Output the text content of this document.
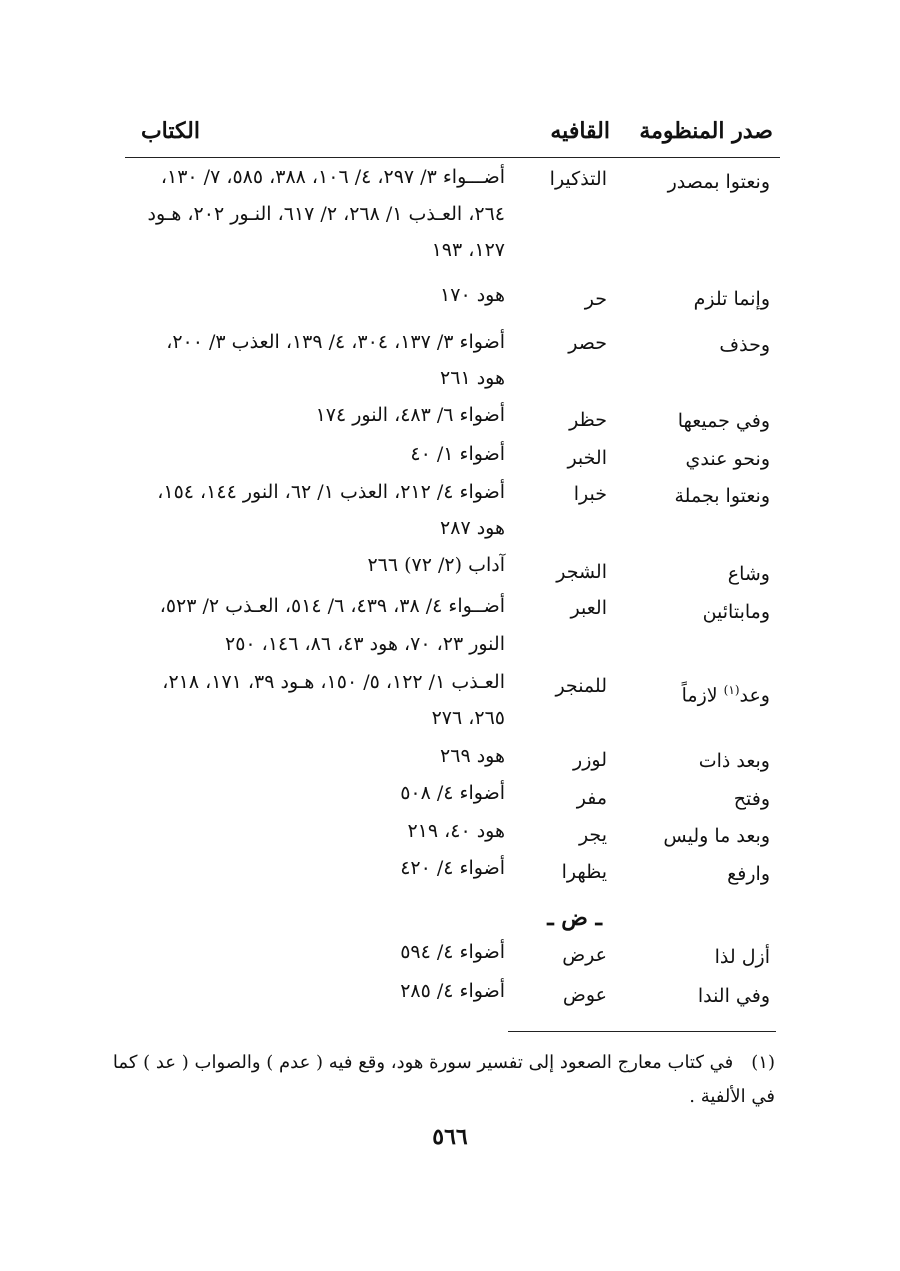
صدر المنظومة
القافيه
الكتاب
ونعتوا بمصدر
التذكيرا
أضـــواء ٣/ ٢٩٧، ٤/ ١٠٦، ٣٨٨، ٥٨٥، ٧/ ١٣٠،
٢٦٤، العـذب ١/ ٢٦٨، ٢/ ٦١٧، النـور ٢٠٢، هـود
١٢٧، ١٩٣
وإنما تلزم
حر
هود ١٧٠
وحذف
حصر
أضواء ٣/ ١٣٧، ٣٠٤، ٤/ ١٣٩، العذب ٣/ ٢٠٠،
هود ٢٦١
وفي جميعها
حظر
أضواء ٦/ ٤٨٣، النور ١٧٤
ونحو عندي
الخبر
أضواء ١/ ٤٠
ونعتوا بجملة
خبرا
أضواء ٤/ ٢١٢، العذب ١/ ٦٢، النور ١٤٤، ١٥٤،
هود ٢٨٧
وشاع
الشجر
آداب (٢/ ٧٢) ٢٦٦
ومابتائين
العبر
أضــواء ٤/ ٣٨، ٤٣٩، ٦/ ٥١٤، العـذب ٢/ ٥٢٣،
النور ٢٣، ٧٠، هود ٤٣، ٨٦، ١٤٦، ٢٥٠
وعد$^{(١)}$ لازماً
للمنجر
العـذب ١/ ١٢٢، ٥/ ١٥٠، هـود ٣٩، ١٧١، ٢١٨،
٢٦٥، ٢٧٦
وبعد ذات
لوزر
هود ٢٦٩
وفتح
مفر
أضواء ٤/ ٥٠٨
وبعد ما وليس
يجر
هود ٤٠، ٢١٩
وارفع
يظهرا
أضواء ٤/ ٤٢٠
ـ ض ـ
أزل لذا
عرض
أضواء ٤/ ٥٩٤
وفي الندا
عوض
أضواء ٤/ ٢٨٥
(١)في كتاب معارج الصعود إلى تفسير سورة هود، وقع فيه ( عدم ) والصواب ( عد ) كما في الألفية .
٥٦٦
